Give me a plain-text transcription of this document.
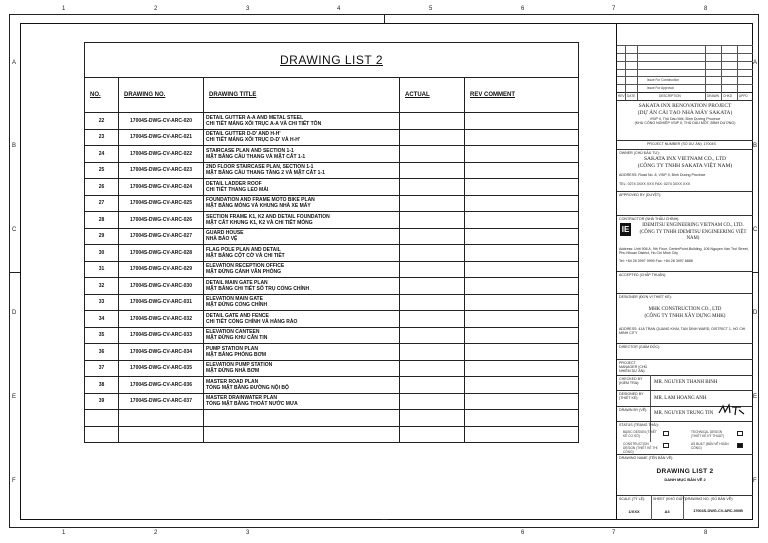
1	2	3	4	5	6	7	8
1	2	3	6	7	8
A
B
C
D
E
F
A
B
C
D
E
F
DRAWING LIST 2				
NO.	DRAWING NO.	DRAWING TITLE	ACTUAL	REV COMMENT
22	17004S-DWG-CV-ARC-020	DETAIL GUTTER A-A AND METAL STEEL
CHI TIẾT MÁNG XỐI TRỤC A-A VÀ CHI TIẾT TÔN		

23	17004S-DWG-CV-ARC-021	DETAIL GUTTER D-D' AND H-H'
CHI TIẾT MÁNG XỐI TRỤC D-D' VÀ H-H'		

24	17004S-DWG-CV-ARC-022	STAIRCASE PLAN AND SECTION 1-1
MẶT BẰNG CẦU THANG VÀ MẶT CẮT 1-1		

25	17004S-DWG-CV-ARC-023	2ND FLOOR STAIRCASE PLAN, SECTION 1-1
MẶT BẰNG CẦU THANG TẦNG 2 VÀ MẶT CẮT 1-1		

26	17004S-DWG-CV-ARC-024	DETAIL LADDER ROOF
CHI TIẾT THANG LEO MÁI		

27	17004S-DWG-CV-ARC-025	FOUNDATION AND FRAME MOTO BIKE PLAN
MẶT BẰNG MÓNG VÀ KHUNG NHÀ XE MÁY		

28	17004S-DWG-CV-ARC-026	SECTION FRAME K1, K2 AND DETAIL FOUNDATION
MẶT CẮT KHUNG K1, K2 VÀ CHI TIẾT MÓNG		

29	17004S-DWG-CV-ARC-027	GUARD HOUSE
NHÀ BẢO VỆ		

30	17004S-DWG-CV-ARC-028	FLAG POLE PLAN AND DETAIL
MẶT BẰNG CỘT CỜ VÀ CHI TIẾT		

31	17004S-DWG-CV-ARC-029	ELEVATION RECEPTION OFFICE
MẶT ĐỨNG CẢNH VĂN PHÒNG		

32	17004S-DWG-CV-ARC-030	DETAIL MAIN GATE PLAN
MẶT BẰNG CHI TIẾT SỐ TRỤ CỔNG CHÍNH		

33	17004S-DWG-CV-ARC-031	ELEVATION MAIN GATE
MẶT ĐỨNG CỔNG CHÍNH		

34	17004S-DWG-CV-ARC-032	DETAIL GATE AND FENCE
CHI TIẾT CỔNG CHÍNH VÀ HÀNG RÀO		

35	17004S-DWG-CV-ARC-033	ELEVATION CANTEEN
MẶT ĐỨNG KHU CĂN TIN		

36	17004S-DWG-CV-ARC-034	PUMP STATION PLAN
MẶT BẰNG PHÒNG BƠM		

37	17004S-DWG-CV-ARC-035	ELEVATION PUMP STATION
MẶT ĐỨNG NHÀ BƠM		

38	17004S-DWG-CV-ARC-036	MASTER ROAD PLAN
TỔNG MẶT BẰNG ĐƯỜNG NỘI BỘ		

39	17004S-DWG-CV-ARC-037	MASTER DRAINWATER PLAN
TỔNG MẶT BẰNG THOÁT NƯỚC MƯA		

Issue For Construction
Issue For Approval
REV DATE	DESCRIPTION	DRAWN CHKD APPD
SAKATA INX RENOVATION PROJECT
(DỰ ÁN CẢI TẠO NHÀ MÁY SAKATA)
VSIP II, Thủ Dầu Một, Bình Dương Province
(KHU CÔNG NGHIỆP VSIP II, THỦ DẦU MỘT, BÌNH DƯƠNG)
PROJECT NUMBER (SỐ DỰ ÁN): 17004S
OWNER (CHỦ ĐẦU TƯ):
SAKATA INX VIETNAM CO., LTD
(CÔNG TY TNHH SAKATA VIỆT NAM)
ADDRESS: Road No. 8, VSIP II, Binh Duong Province
TEL: 0274 3XXX XXX FAX: 0274 3XXX XXX
APPROVED BY (DUYỆT):
CONTRACTOR (NHÀ THẦU CHÍNH):
IE	IDEMITSU ENGINEERING VIETNAM CO., LTD.
(CÔNG TY TNHH IDEMITSU ENGINEERING VIỆT NAM)
Address: Unit 906 A, 9th Floor, CentrePoint Building, 106 Nguyen Van Troi Street, Phu Nhuan District, Ho Chi Minh City
Tel: +84 28 3997 9999 Fax: +84 28 3997 8888
ACCEPTED (CHẤP THUẬN):
DESIGNER (ĐƠN VỊ THIẾT KẾ):
MHK CONSTRUCTION CO., LTD
(CÔNG TY TNHH XÂY DỰNG MHK)
ADDRESS: 41A TRAN QUANG KHAI, TAN DINH WARD, DISTRICT 1, HO CHI MINH CITY
DIRECTOR (GIÁM ĐỐC):
PROJECT MANAGER (CHỦ NHIỆM DỰ ÁN):
CHECKED BY (KIỂM TRA):	MR. NGUYEN THANH BINH
DESIGNED BY (THIẾT KẾ):	MR. LAM HOANG ANH
DRAWN BY (VẼ):
MR. NGUYEN TRUNG TIN
STATUS (TRẠNG THÁI):
BASIC DESIGN (THIẾT KẾ CƠ SỞ)
TECHNICAL DESIGN (THIẾT KẾ KỸ THUẬT)
CONSTRUCTION DESIGN (THIẾT KẾ THI CÔNG)
AS BUILT (BẢN VẼ HOÀN CÔNG)
DRAWING NAME (TÊN BẢN VẼ):
DRAWING LIST 2
DANH MỤC BẢN VẼ 2
SCALE (TỶ LỆ):
1/XXX
SHEET (KHỔ GIẤY):
A3
DRAWING NO. (SỐ BẢN VẼ):
17004S-DWG-CV-ARC-000B
